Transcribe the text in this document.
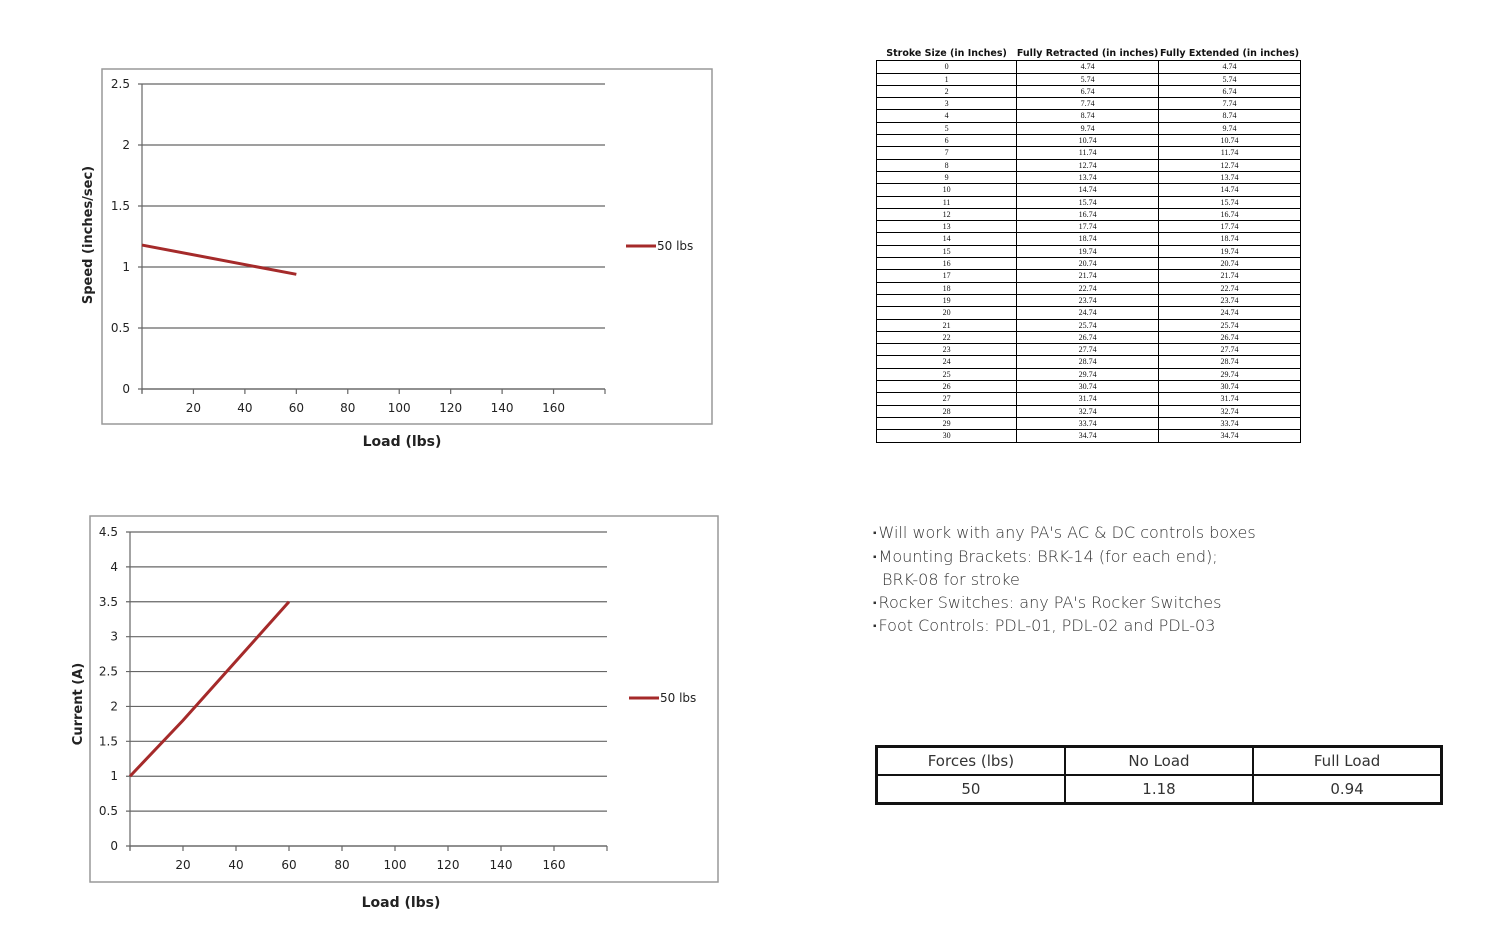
0
0.5
1
1.5
2
2.5
20	40	60	80	100 120 140 160
Load (lbs)
Speed (inches/sec)	50 lbs
0
0.5
1
1.5
2
2.5
3
3.5
4
4.5
20	40	60	80	100	120	140	160
Load (lbs)
Current (A)	50 lbs
Stroke Size (in Inches)	Fully Retracted (in inches)	Fully Extended (in inches)
0	4.74	4.74
1	5.74	5.74
2	6.74	6.74
3	7.74	7.74
4	8.74	8.74
5	9.74	9.74
6	10.74	10.74
7	11.74	11.74
8	12.74	12.74
9	13.74	13.74
10	14.74	14.74
11	15.74	15.74
12	16.74	16.74
13	17.74	17.74
14	18.74	18.74
15	19.74	19.74
16	20.74	20.74
17	21.74	21.74
18	22.74	22.74
19	23.74	23.74
20	24.74	24.74
21	25.74	25.74
22	26.74	26.74
23	27.74	27.74
24	28.74	28.74
25	29.74	29.74
26	30.74	30.74
27	31.74	31.74
28	32.74	32.74
29	33.74	33.74
30	34.74	34.74
▪ Will work with any PA's AC & DC controls boxes
▪ Mounting Brackets: BRK-14 (for each end);
BRK-08 for stroke
▪ Rocker Switches: any PA's Rocker Switches
▪ Foot Controls: PDL-01, PDL-02 and PDL-03
Forces (lbs)	No Load	Full Load
50	1.18	0.94
